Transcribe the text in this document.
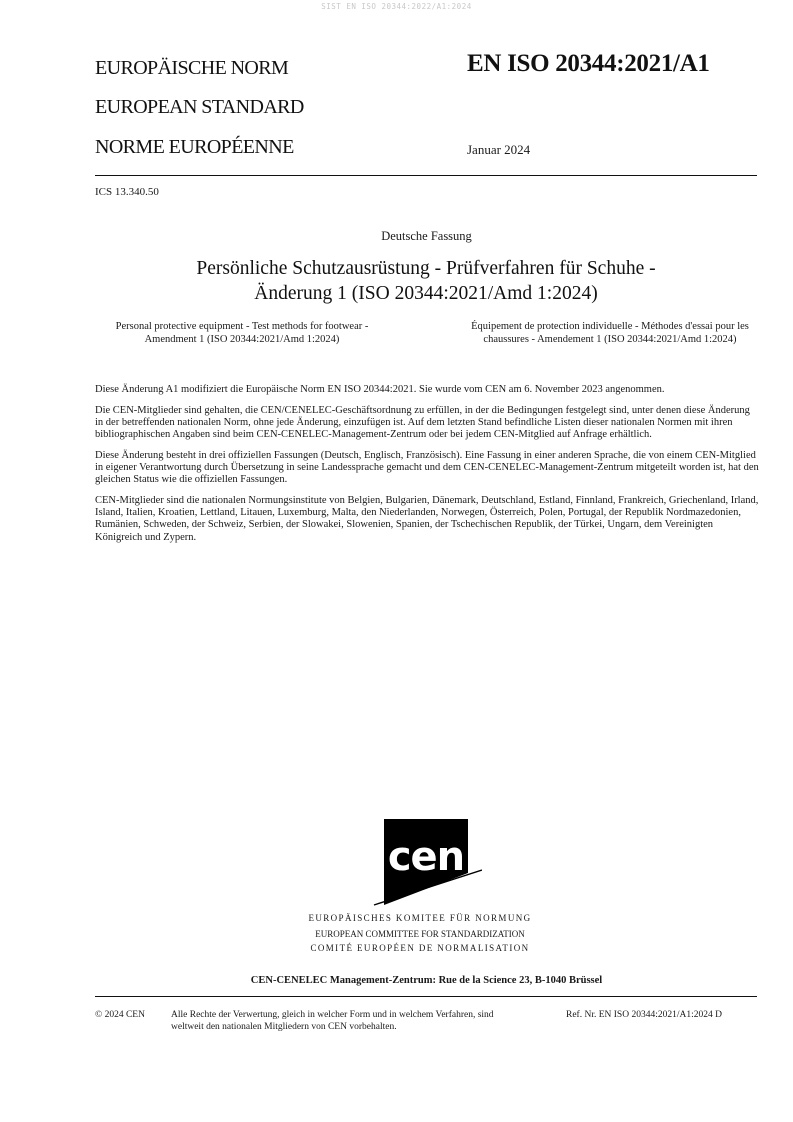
SIST EN ISO 20344:2022/A1:2024
EUROPÄISCHE NORM
EUROPEAN STANDARD
NORME EUROPÉENNE
EN ISO 20344:2021/A1
Januar 2024
ICS 13.340.50
Deutsche Fassung
Persönliche Schutzausrüstung - Prüfverfahren für Schuhe -
Änderung 1 (ISO 20344:2021/Amd 1:2024)
Personal protective equipment - Test methods for footwear - Amendment 1 (ISO 20344:2021/Amd 1:2024)
Équipement de protection individuelle - Méthodes d'essai pour les chaussures - Amendement 1 (ISO 20344:2021/Amd 1:2024)

Diese Änderung A1 modifiziert die Europäische Norm EN ISO 20344:2021. Sie wurde vom CEN am 6. November 2023 angenommen.

Die CEN-Mitglieder sind gehalten, die CEN/CENELEC-Geschäftsordnung zu erfüllen, in der die Bedingungen festgelegt sind, unter denen diese Änderung in der betreffenden nationalen Norm, ohne jede Änderung, einzufügen ist. Auf dem letzten Stand befindliche Listen dieser nationalen Normen mit ihren bibliographischen Angaben sind beim CEN-CENELEC-Management-Zentrum oder bei jedem CEN-Mitglied auf Anfrage erhältlich.

Diese Änderung besteht in drei offiziellen Fassungen (Deutsch, Englisch, Französisch). Eine Fassung in einer anderen Sprache, die von einem CEN-Mitglied in eigener Verantwortung durch Übersetzung in seine Landessprache gemacht und dem CEN-CENELEC-Management-Zentrum mitgeteilt worden ist, hat den gleichen Status wie die offiziellen Fassungen.

CEN-Mitglieder sind die nationalen Normungsinstitute von Belgien, Bulgarien, Dänemark, Deutschland, Estland, Finnland, Frankreich, Griechenland, Irland, Island, Italien, Kroatien, Lettland, Litauen, Luxemburg, Malta, den Niederlanden, Norwegen, Österreich, Polen, Portugal, der Republik Nordmazedonien, Rumänien, Schweden, der Schweiz, Serbien, der Slowakei, Slowenien, Spanien, der Tschechischen Republik, der Türkei, Ungarn, dem Vereinigten Königreich und Zypern.

cen
EUROPÄISCHES KOMITEE FÜR NORMUNG
EUROPEAN COMMITTEE FOR STANDARDIZATION
COMITÉ EUROPÉEN DE NORMALISATION
CEN-CENELEC Management-Zentrum: Rue de la Science 23, B-1040 Brüssel
© 2024 CEN	Alle Rechte der Verwertung, gleich in welcher Form und in welchem Verfahren, sind weltweit den nationalen Mitgliedern von CEN vorbehalten.
Ref. Nr. EN ISO 20344:2021/A1:2024 D
